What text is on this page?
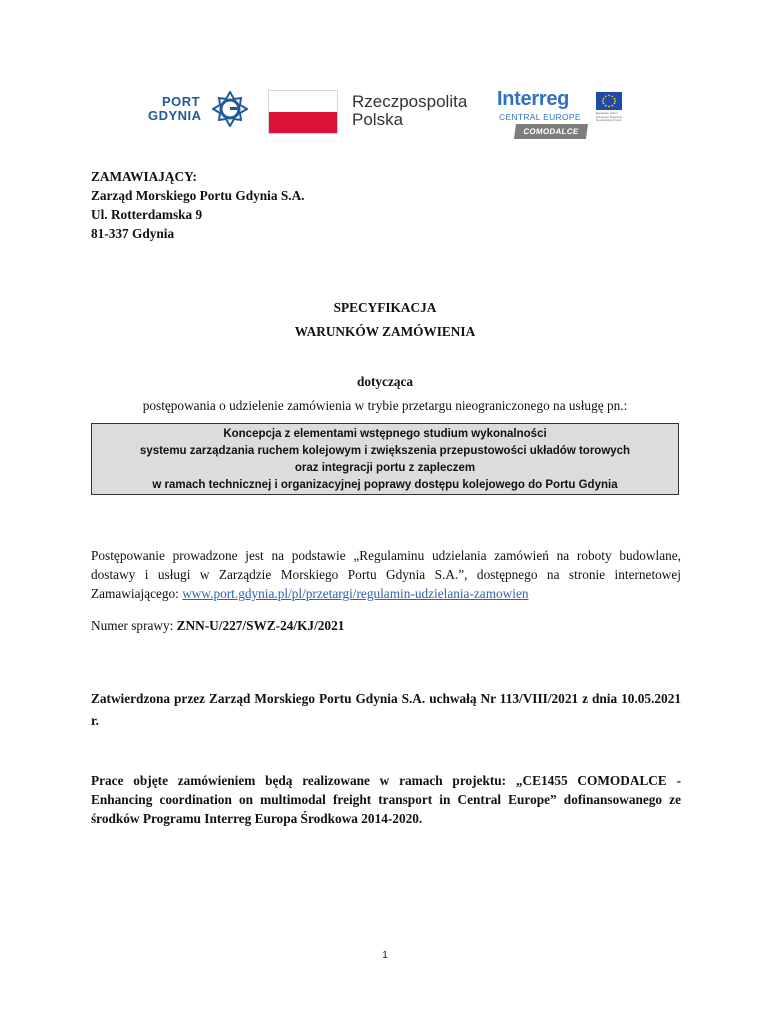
PORT
GDYNIA
Rzeczpospolita
Polska
Interreg
European Union European Regional Development Fund
CENTRAL EUROPE
COMODALCE
ZAMAWIAJĄCY:
Zarząd Morskiego Portu Gdynia S.A.
Ul. Rotterdamska 9
81-337 Gdynia
SPECYFIKACJA
WARUNKÓW ZAMÓWIENIA
dotycząca
postępowania o udzielenie zamówienia w trybie przetargu nieograniczonego na usługę pn.:
Koncepcja z elementami wstępnego studium wykonalności
systemu zarządzania ruchem kolejowym i zwiększenia przepustowości układów torowych
oraz integracji portu z zapleczem
w ramach technicznej i organizacyjnej poprawy dostępu kolejowego do Portu Gdynia
Postępowanie prowadzone jest na podstawie „Regulaminu udzielania zamówień na roboty budowlane, dostawy i usługi w Zarządzie Morskiego Portu Gdynia S.A.”, dostępnego na stronie internetowej Zamawiającego: www.port.gdynia.pl/pl/przetargi/regulamin-udzielania-zamowien
Numer sprawy: ZNN-U/227/SWZ-24/KJ/2021
Zatwierdzona przez Zarząd Morskiego Portu Gdynia S.A. uchwałą Nr 113/VIII/2021 z dnia 10.05.2021 r.
Prace objęte zamówieniem będą realizowane w ramach projektu: „CE1455 COMODALCE - Enhancing coordination on multimodal freight transport in Central Europe” dofinansowanego ze środków Programu Interreg Europa Środkowa 2014-2020.
1
